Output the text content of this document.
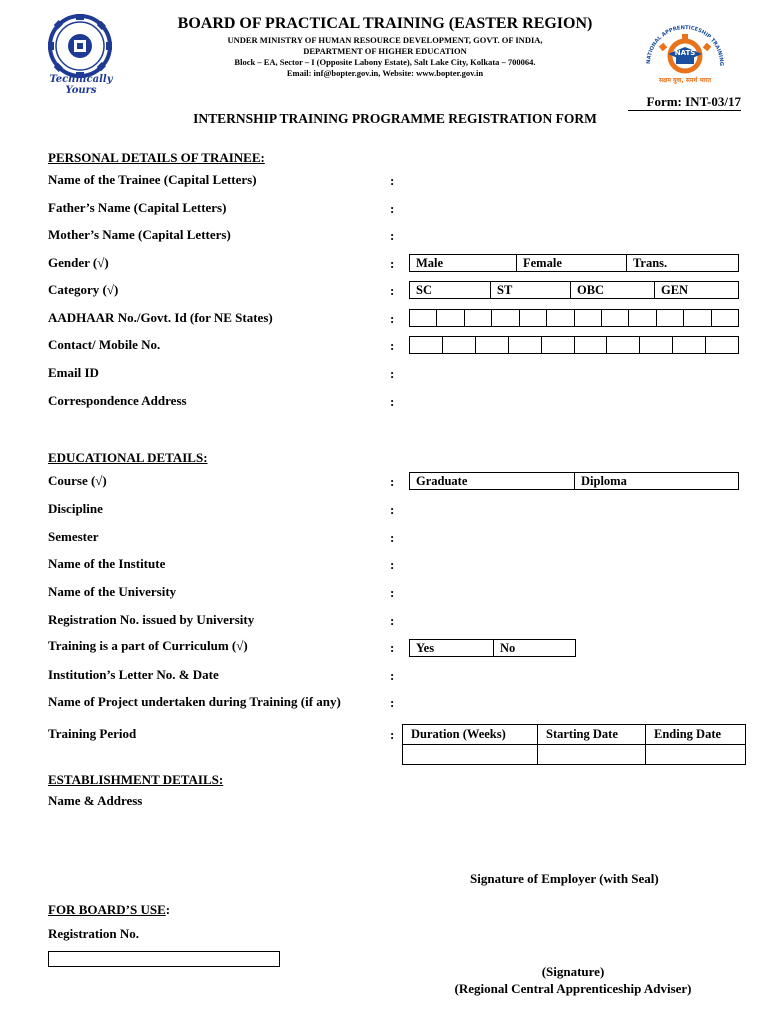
Technically Yours
BOARD OF PRACTICAL TRAINING (EASTER REGION)
UNDER MINISTRY OF HUMAN RESOURCE DEVELOPMENT, GOVT. OF INDIA,
DEPARTMENT OF HIGHER EDUCATION
Block – EA, Sector – I (Opposite Labony Estate), Salt Lake City, Kolkata – 700064.
Email: inf@bopter.gov.in, Website: www.bopter.gov.in
NATIONAL APPRENTICESHIP TRAINING
NATS
सक्षम युवा, समर्थ भारत
Form: INT-03/17
INTERNSHIP TRAINING PROGRAMME REGISTRATION FORM
PERSONAL DETAILS OF TRAINEE:
Name of the Trainee (Capital Letters)	:
Father’s Name (Capital Letters)	:
Mother’s Name (Capital Letters)	:
Gender (√)	:	Male	Female	Trans.
Category (√)	:	SC	ST	OBC	GEN
AADHAAR No./Govt. Id (for NE States)	:
Contact/ Mobile No.	:
Email ID	:
Correspondence Address	:
EDUCATIONAL DETAILS:
Course (√)	:	Graduate	Diploma
Discipline	:
Semester	:
Name of the Institute	:
Name of the University	:
Registration No. issued by University	:
Training is a part of Curriculum (√)	:	Yes	No
Institution’s Letter No. & Date	:
Name of Project undertaken during Training (if any)	:
Training Period	: Duration (Weeks)	Starting Date	Ending Date

ESTABLISHMENT DETAILS:
Name & Address
Signature of Employer (with Seal)
FOR BOARD’S USE:
Registration No.
(Signature)
(Regional Central Apprenticeship Adviser)
